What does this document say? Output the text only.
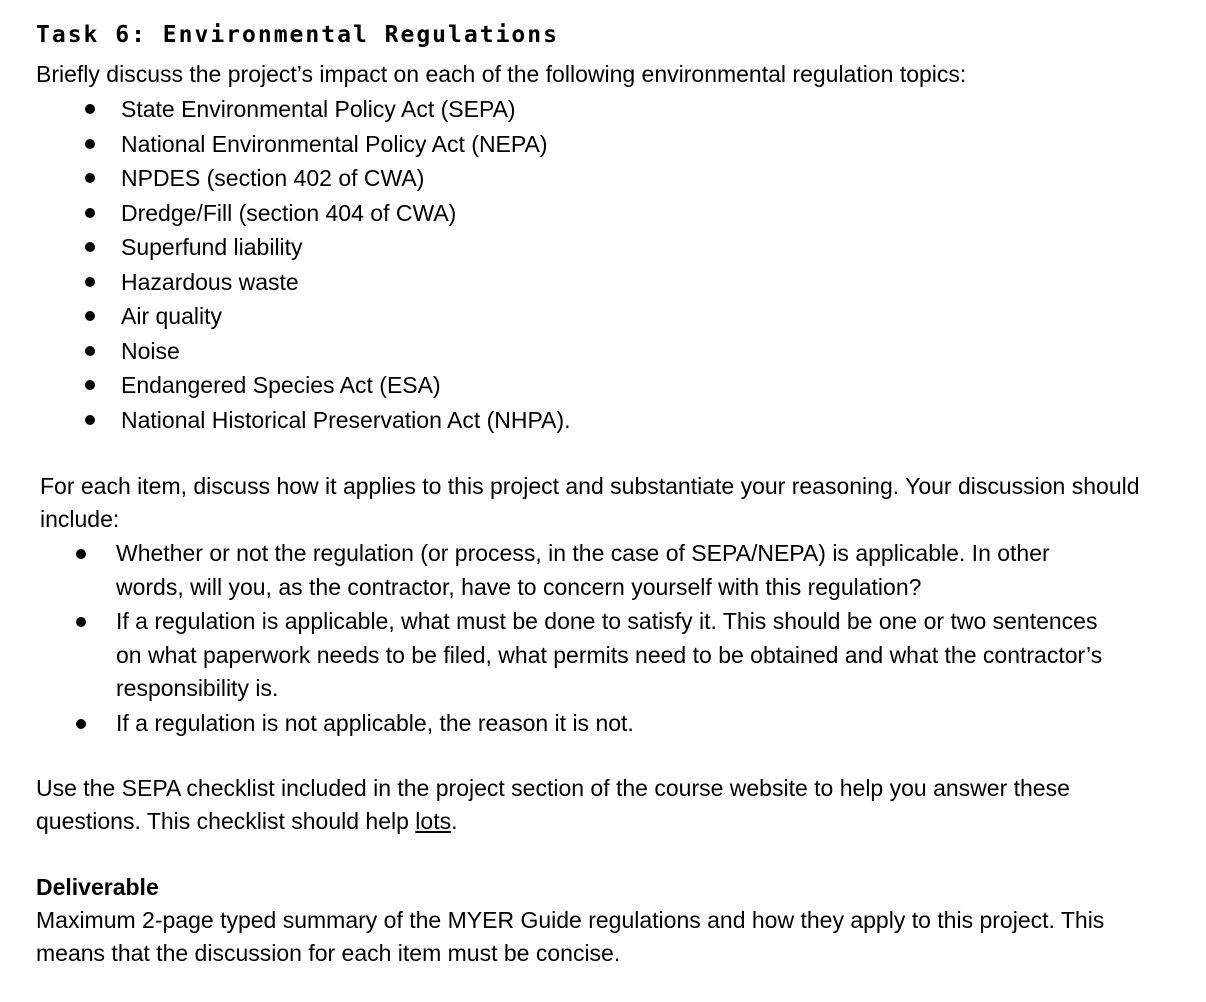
Task 6: Environmental Regulations
Briefly discuss the project’s impact on each of the following environmental regulation topics:
State Environmental Policy Act (SEPA)
National Environmental Policy Act (NEPA)
NPDES (section 402 of CWA)
Dredge/Fill (section 404 of CWA)
Superfund liability
Hazardous waste
Air quality
Noise
Endangered Species Act (ESA)
National Historical Preservation Act (NHPA).
For each item, discuss how it applies to this project and substantiate your reasoning. Your discussion should include:
Whether or not the regulation (or process, in the case of SEPA/NEPA) is applicable. In other words, will you, as the contractor, have to concern yourself with this regulation?
If a regulation is applicable, what must be done to satisfy it. This should be one or two sentences on what paperwork needs to be filed, what permits need to be obtained and what the contractor’s responsibility is.
If a regulation is not applicable, the reason it is not.
Use the SEPA checklist included in the project section of the course website to help you answer these questions. This checklist should help lots.
Deliverable
Maximum 2-page typed summary of the MYER Guide regulations and how they apply to this project. This means that the discussion for each item must be concise.
